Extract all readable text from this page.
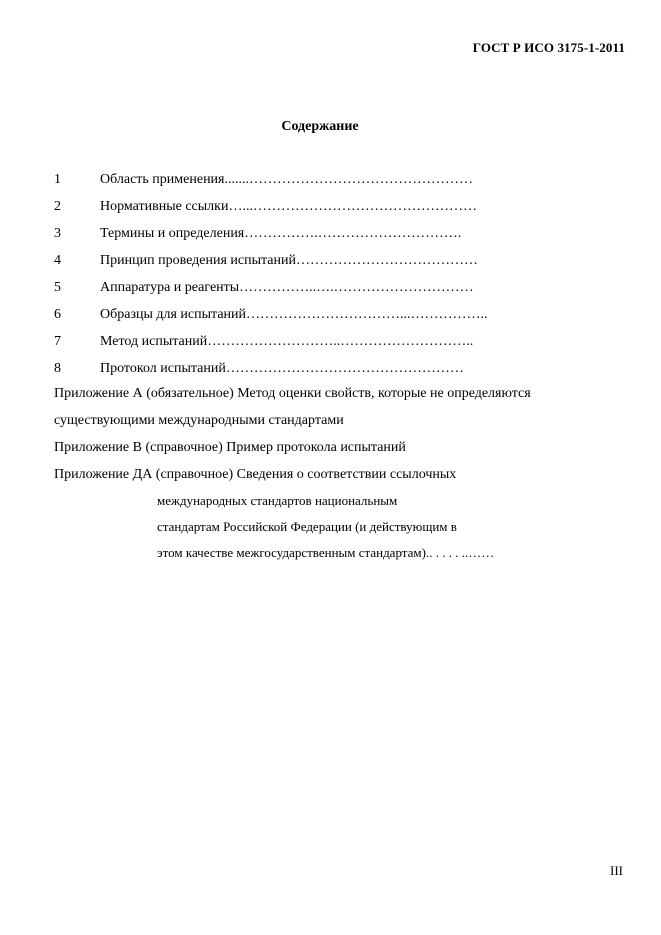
ГОСТ Р ИСО 3175-1-2011
Содержание
1	Область применения.......…………………………………………
2	Нормативные ссылки…...…………………………………………
3	Термины и определения…………….………………………….
4	Принцип проведения испытаний…………………………………
5	Аппаратура и реагенты……………..….…………………………
6	Образцы для испытаний……………………………...……………..
7	Метод испытаний………………………..………………………..
8	Протокол испытаний……………………………………………
Приложение А (обязательное) Метод оценки свойств, которые не определяются
существующими международными стандартами
Приложение В (справочное) Пример протокола испытаний
Приложение ДА (справочное) Сведения о соответствии ссылочных
международных стандартов национальным
стандартам Российской Федерации (и действующим в
этом качестве межгосударственным стандартам).. . . . . ..……
III
